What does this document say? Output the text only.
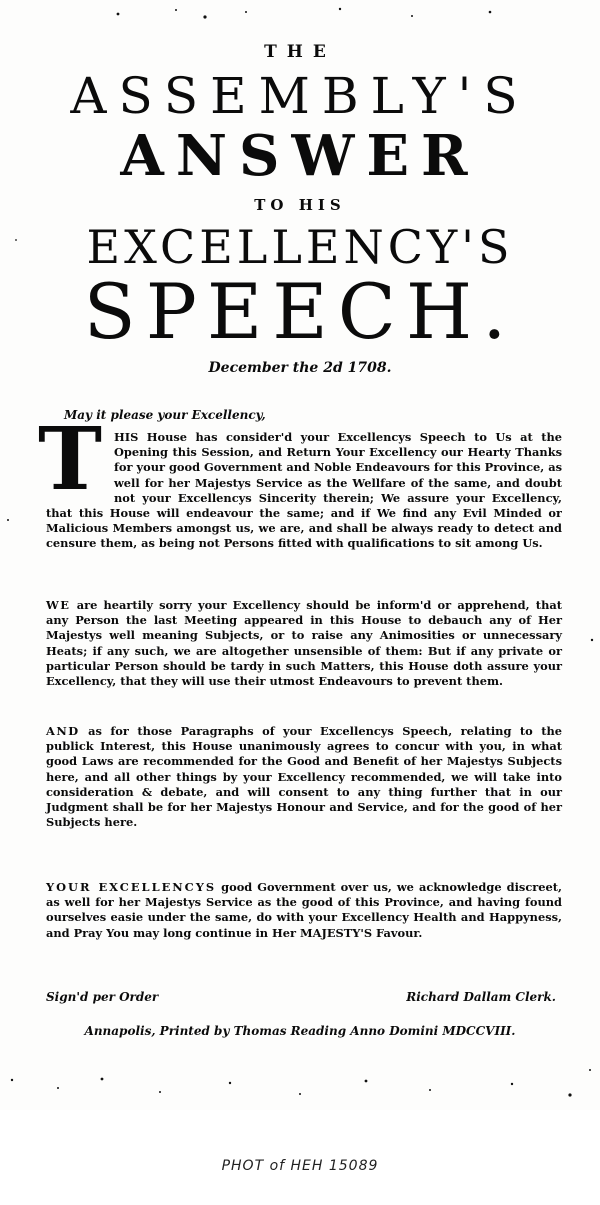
THE
ASSEMBLY'S
ANSWER
TO HIS
EXCELLENCY'S
SPEECH.
December the 2d 1708.
May it please your Excellency,
T	HIS House has consider'd your Excellencys Speech to Us at the Opening this Session, and Return Your Excellency our Hearty Thanks for your good Government and Noble Endeavours for this Province, as well for her Majestys Service as the Wellfare of the same, and doubt not your Excellencys Sincerity therein; We assure your Excellency, that this House will endeavour the same; and if We find any Evil Minded or Malicious Members amongst us, we are, and shall be always ready to detect and censure them, as being not Persons fitted with qualifications to sit among Us.
WE are heartily sorry your Excellency should be inform'd or apprehend, that any Person the last Meeting appeared in this House to debauch any of Her Majestys well meaning Subjects, or to raise any Animosities or unnecessary Heats; if any such, we are altogether unsensible of them: But if any private or particular Person should be tardy in such Matters, this House doth assure your Excellency, that they will use their utmost Endeavours to prevent them.
AND as for those Paragraphs of your Excellencys Speech, relating to the publick Interest, this House unanimously agrees to concur with you, in what good Laws are recommended for the Good and Benefit of her Majestys Subjects here, and all other things by your Excellency recommended, we will take into consideration & debate, and will consent to any thing further that in our Judgment shall be for her Majestys Honour and Service, and for the good of her Subjects here.
YOUR EXCELLENCYS good Government over us, we acknowledge discreet, as well for her Majestys Service as the good of this Province, and having found ourselves easie under the same, do with your Excellency Health and Happyness, and Pray You may long continue in Her MAJESTY'S Favour.
Sign'd per Order	Richard Dallam Clerk.
Annapolis, Printed by Thomas Reading Anno Domini MDCCVIII.
PHOT of HEH 15089
